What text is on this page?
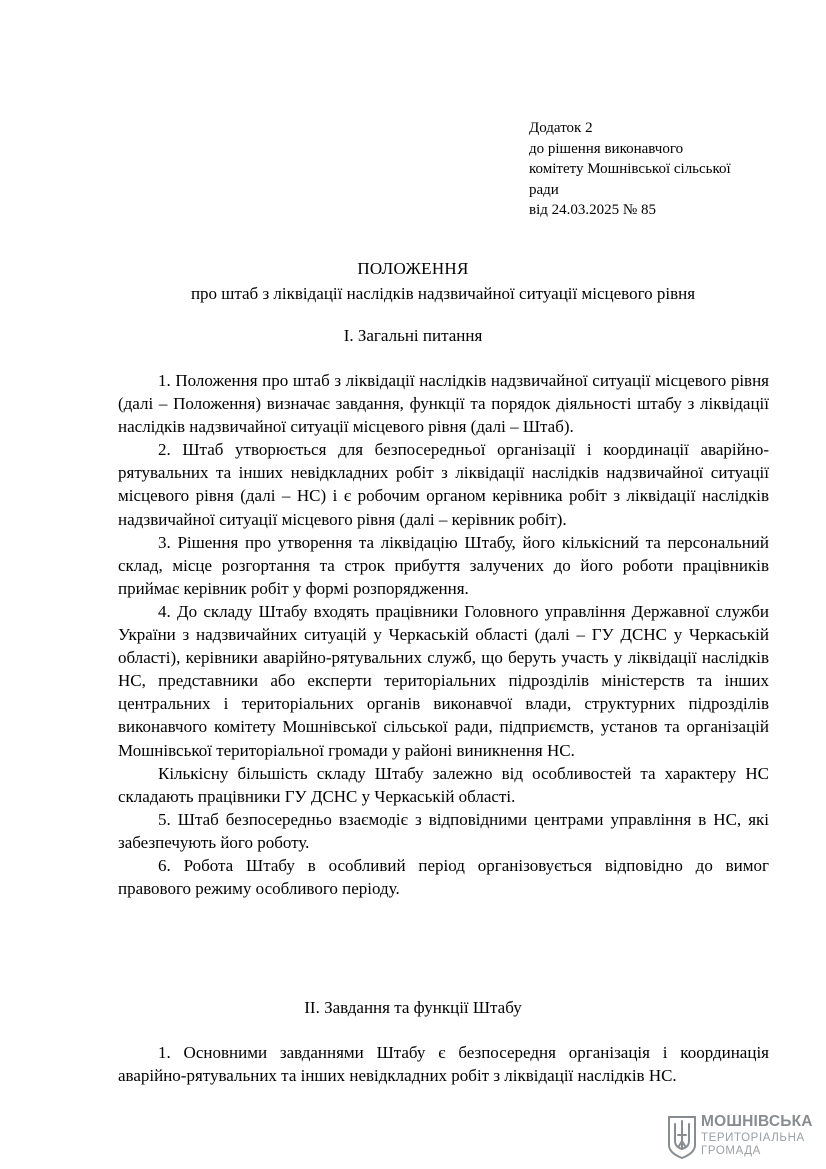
Додаток 2
до рішення виконавчого
комітету Мошнівської сільської
ради
від 24.03.2025 № 85
ПОЛОЖЕННЯ
про штаб з ліквідації наслідків надзвичайної ситуації місцевого рівня
I. Загальні питання

1. Положення про штаб з ліквідації наслідків надзвичайної ситуації місцевого рівня (далі – Положення) визначає завдання, функції та порядок діяльності штабу з ліквідації наслідків надзвичайної ситуації місцевого рівня (далі – Штаб).

2. Штаб утворюється для безпосередньої організації і координації аварійно-рятувальних та інших невідкладних робіт з ліквідації наслідків надзвичайної ситуації місцевого рівня (далі – НС) і є робочим органом керівника робіт з ліквідації наслідків надзвичайної ситуації місцевого рівня (далі – керівник робіт).

3. Рішення про утворення та ліквідацію Штабу, його кількісний та персональний склад, місце розгортання та строк прибуття залучених до його роботи працівників приймає керівник робіт у формі розпорядження.

4. До складу Штабу входять працівники Головного управління Державної служби України з надзвичайних ситуацій у Черкаській області (далі – ГУ ДСНС у Черкаській області), керівники аварійно-рятувальних служб, що беруть участь у ліквідації наслідків НС, представники або експерти територіальних підрозділів міністерств та інших центральних і територіальних органів виконавчої влади, структурних підрозділів виконавчого комітету Мошнівської сільської ради, підприємств, установ та організацій Мошнівської територіальної громади у районі виникнення НС.

Кількісну більшість складу Штабу залежно від особливостей та характеру НС складають працівники ГУ ДСНС у Черкаській області.

5. Штаб безпосередньо взаємодіє з відповідними центрами управління в НС, які забезпечують його роботу.

6. Робота Штабу в особливий період організовується відповідно до вимог правового режиму особливого періоду.

II. Завдання та функції Штабу

1. Основними завданнями Штабу є безпосередня організація і координація аварійно-рятувальних та інших невідкладних робіт з ліквідації наслідків НС.

МОШНІВСЬКА
ТЕРИТОРІАЛЬНА
ГРОМАДА
